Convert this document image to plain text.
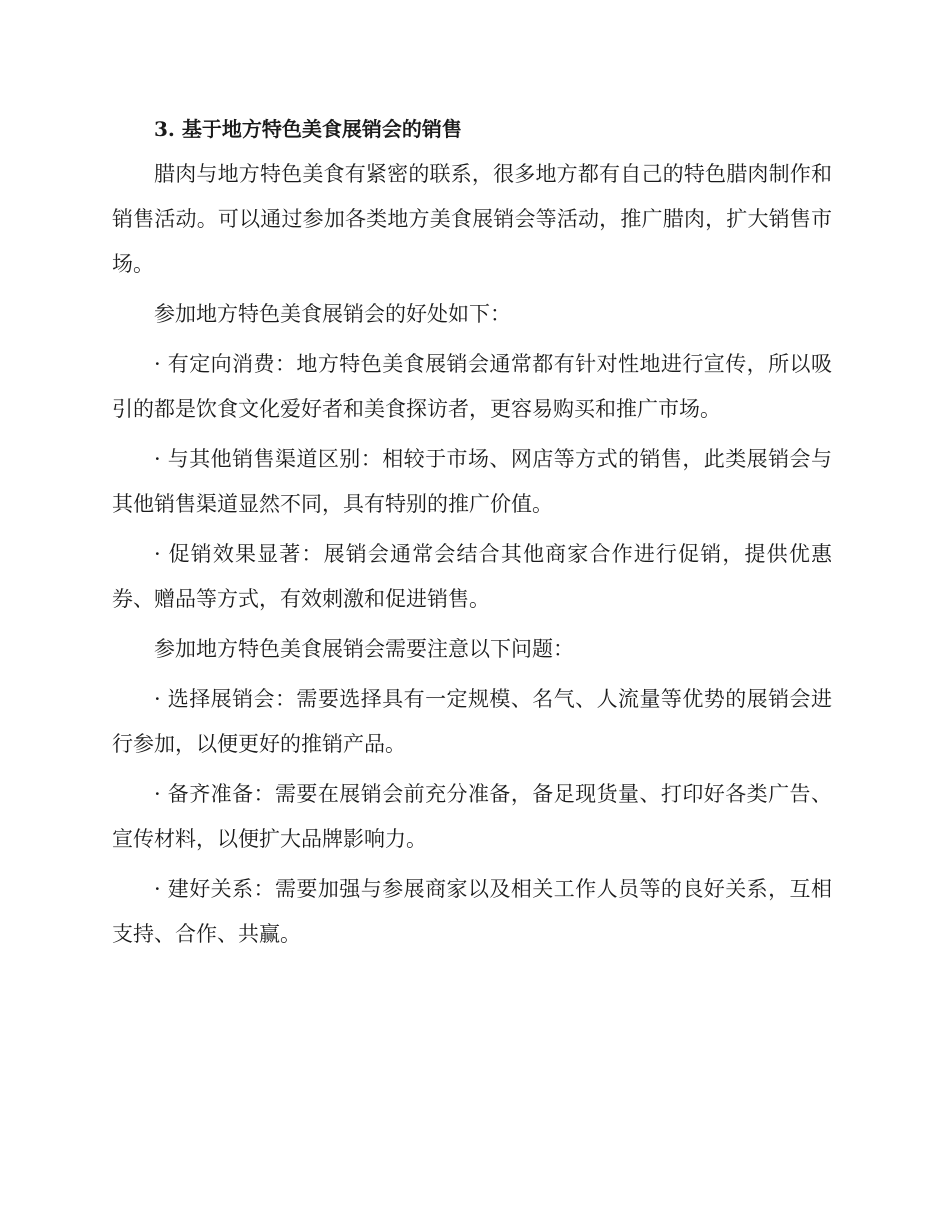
3. 基于地方特色美食展销会的销售

腊肉与地方特色美食有紧密的联系，很多地方都有自己的特色腊肉制作和销售活动。可以通过参加各类地方美食展销会等活动，推广腊肉，扩大销售市场。

参加地方特色美食展销会的好处如下：

· 有定向消费：地方特色美食展销会通常都有针对性地进行宣传，所以吸引的都是饮食文化爱好者和美食探访者，更容易购买和推广市场。

· 与其他销售渠道区别：相较于市场、网店等方式的销售，此类展销会与其他销售渠道显然不同，具有特别的推广价值。

· 促销效果显著：展销会通常会结合其他商家合作进行促销，提供优惠券、赠品等方式，有效刺激和促进销售。

参加地方特色美食展销会需要注意以下问题：

· 选择展销会：需要选择具有一定规模、名气、人流量等优势的展销会进行参加，以便更好的推销产品。

· 备齐准备：需要在展销会前充分准备，备足现货量、打印好各类广告、宣传材料，以便扩大品牌影响力。

· 建好关系：需要加强与参展商家以及相关工作人员等的良好关系，互相支持、合作、共赢。
